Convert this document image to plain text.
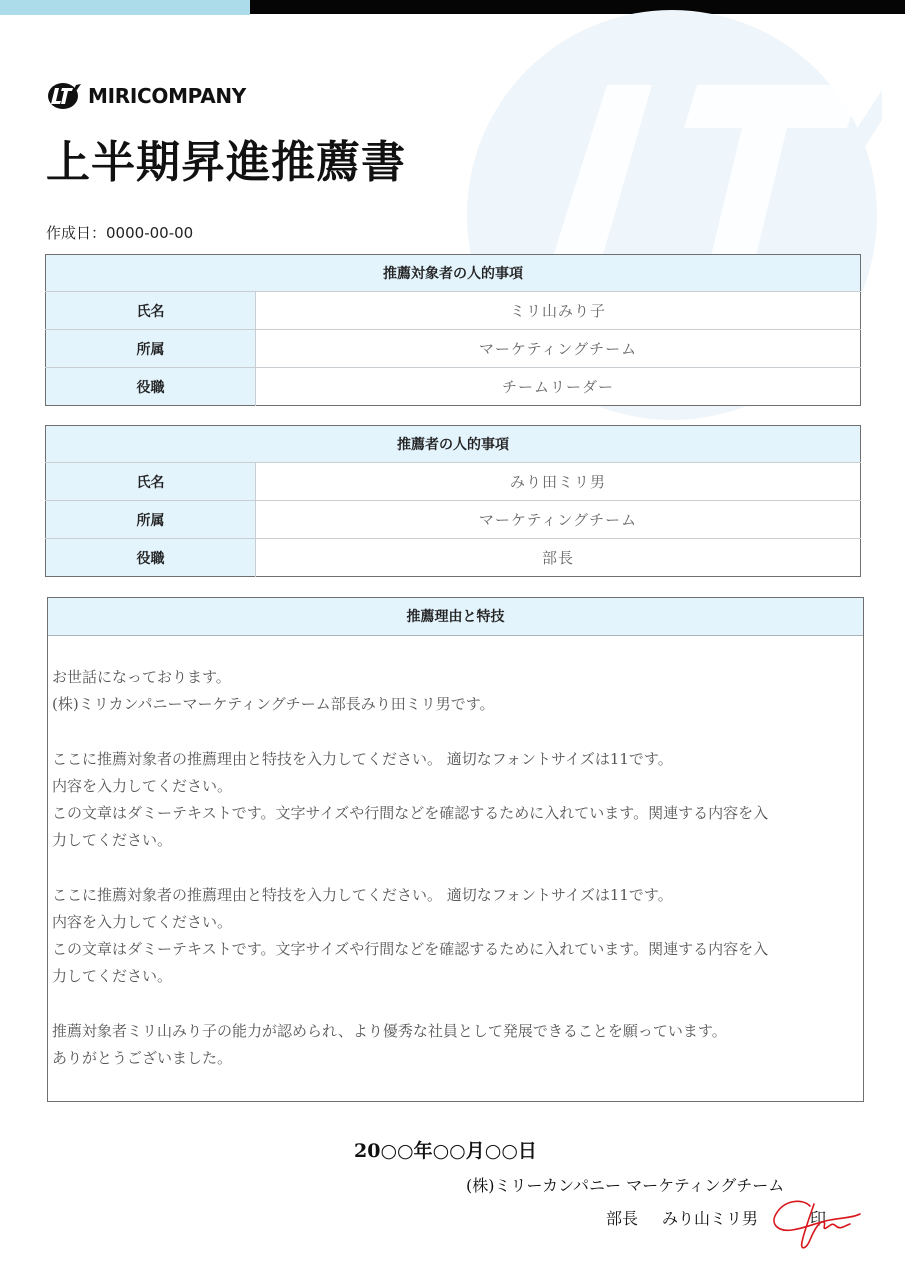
MIRICOMPANY
上半期昇進推薦書
作成日：0000-00-00
推薦対象者の人的事項	
氏名	ミリ山みり子
所属	マーケティングチーム
役職	チームリーダー
推薦者の人的事項	
氏名	みり田ミリ男
所属	マーケティングチーム
役職	部長
推薦理由と特技
お世話になっております。
(株)ミリカンパニーマーケティングチーム部長みり田ミリ男です。
ここに推薦対象者の推薦理由と特技を入力してください。 適切なフォントサイズは11です。
内容を入力してください。
この文章はダミーテキストです。文字サイズや行間などを確認するために入れています。関連する内容を入
力してください。
ここに推薦対象者の推薦理由と特技を入力してください。 適切なフォントサイズは11です。
内容を入力してください。
この文章はダミーテキストです。文字サイズや行間などを確認するために入れています。関連する内容を入
力してください。
推薦対象者ミリ山みり子の能力が認められ、より優秀な社員として発展できることを願っています。
ありがとうございました。
20○○年○○月○○日
(株)ミリーカンパニー マーケティングチーム
部長 みり山ミリ男	印
